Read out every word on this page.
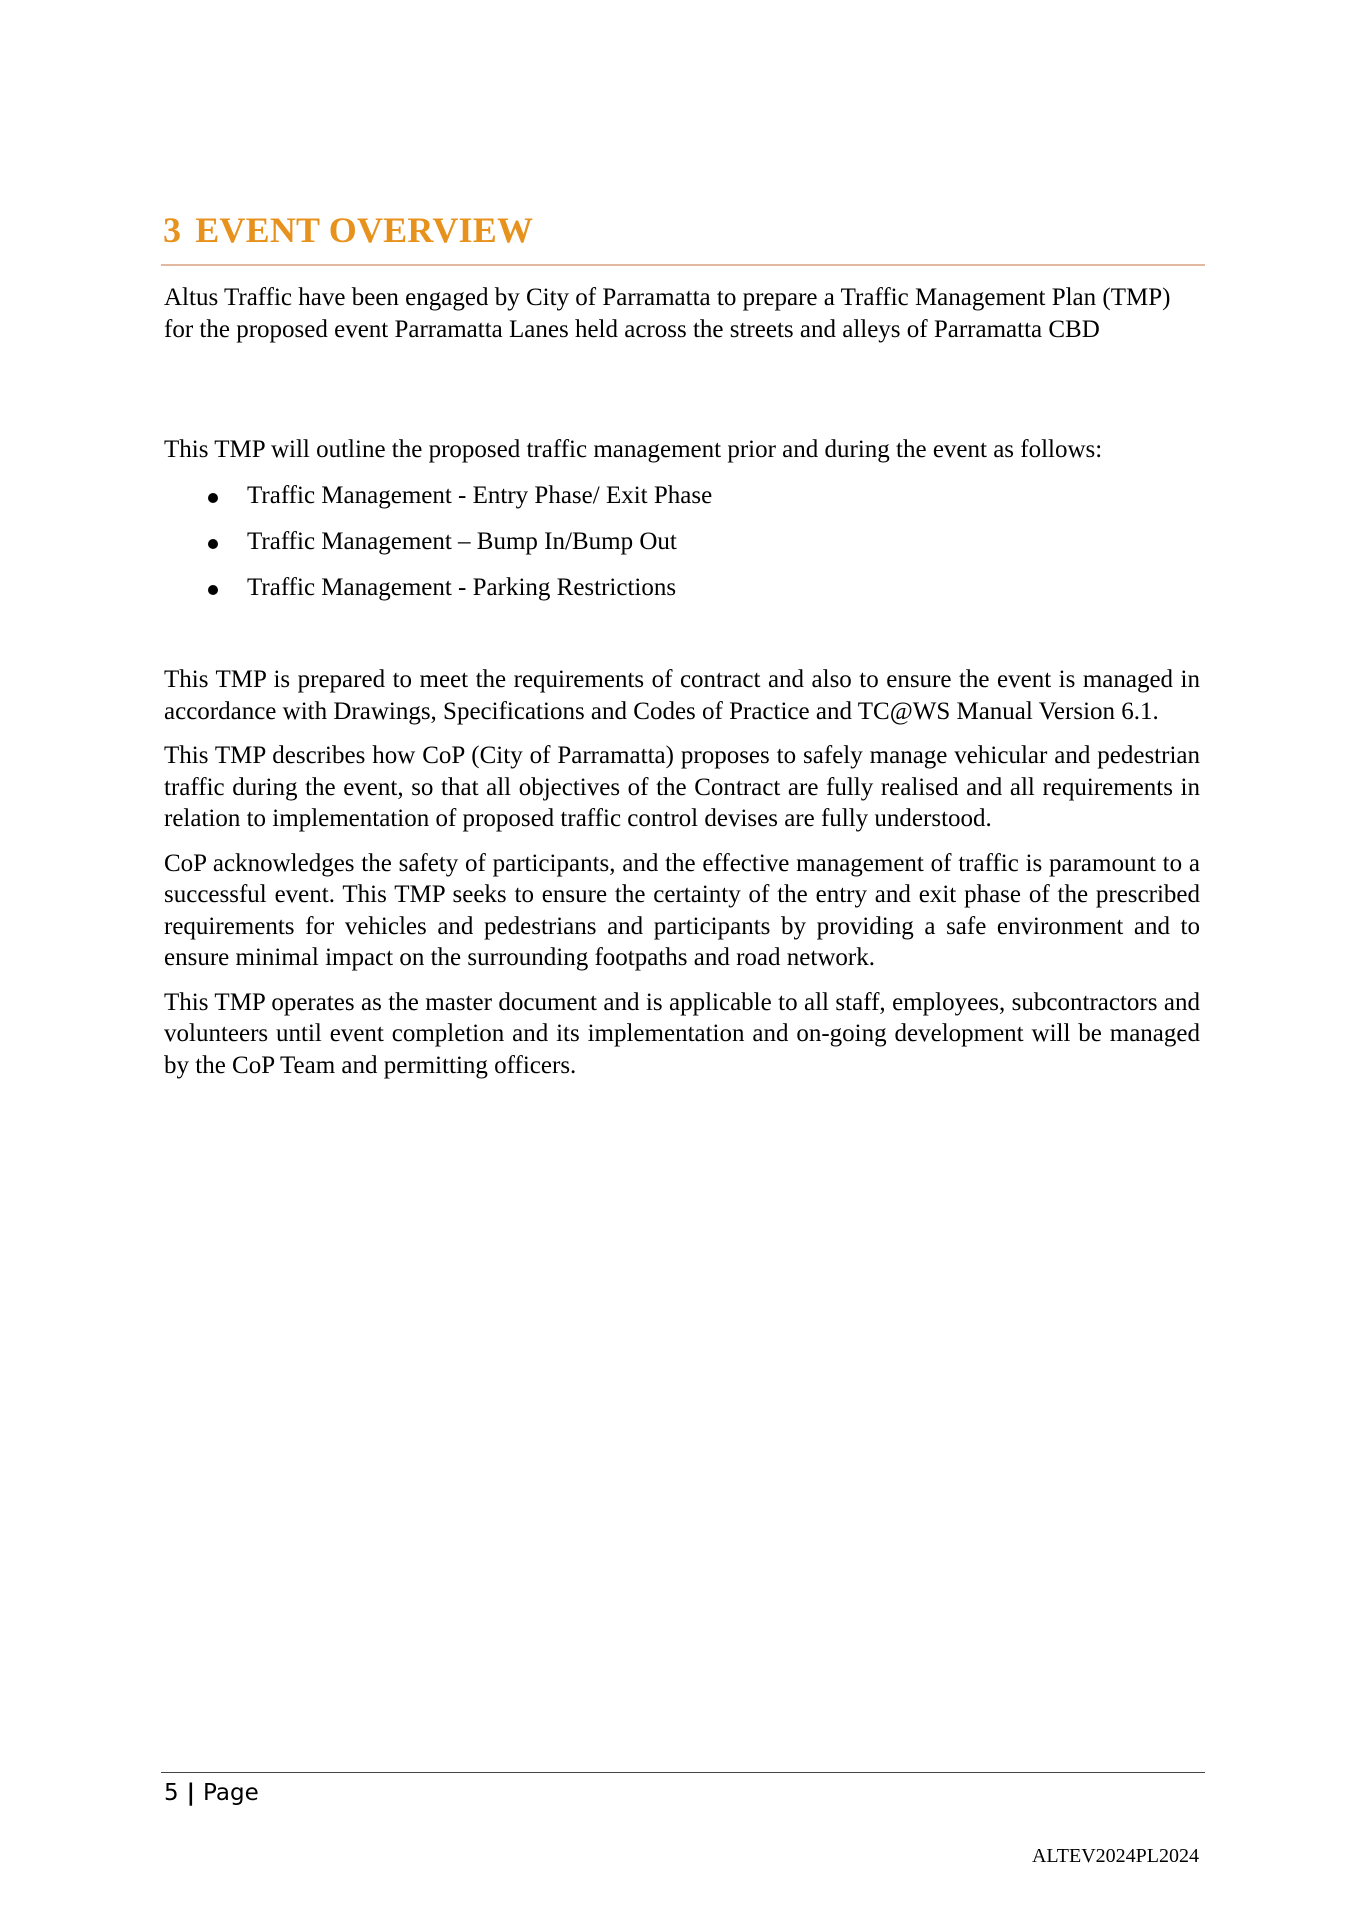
3 EVENT OVERVIEW

Altus Traffic have been engaged by City of Parramatta to prepare a Traffic Management Plan (TMP) for the proposed event Parramatta Lanes held across the streets and alleys of Parramatta CBD

This TMP will outline the proposed traffic management prior and during the event as follows:

Traffic Management - Entry Phase/ Exit Phase
Traffic Management – Bump In/Bump Out
Traffic Management - Parking Restrictions

This TMP is prepared to meet the requirements of contract and also to ensure the event is managed in accordance with Drawings, Specifications and Codes of Practice and TC@WS Manual Version 6.1.

This TMP describes how CoP (City of Parramatta) proposes to safely manage vehicular and pedestrian traffic during the event, so that all objectives of the Contract are fully realised and all requirements in relation to implementation of proposed traffic control devises are fully understood.

CoP acknowledges the safety of participants, and the effective management of traffic is paramount to a successful event. This TMP seeks to ensure the certainty of the entry and exit phase of the prescribed requirements for vehicles and pedestrians and participants by providing a safe environment and to ensure minimal impact on the surrounding footpaths and road network.

This TMP operates as the master document and is applicable to all staff, employees, subcontractors and volunteers until event completion and its implementation and on-going development will be managed by the CoP Team and permitting officers.

5 | Page
ALTEV2024PL2024
